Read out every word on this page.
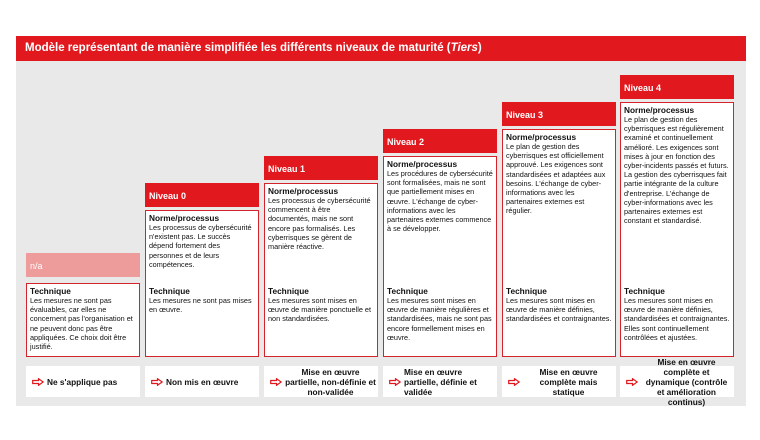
Modèle représentant de manière simplifiée les différents niveaux de maturité (Tiers)
n/a
Technique
Les mesures ne sont pas évaluables, car elles ne concernent pas l'organisation et ne peuvent donc pas être appliquées. Ce choix doit être justifié.
Ne s'applique pas
Niveau 0
Norme/processus
Les processus de cybersécurité n'existent pas. Le succès dépend fortement des personnes et de leurs compétences.
Technique
Les mesures ne sont pas mises en œuvre.
Non mis en œuvre
Niveau 1
Norme/processus
Les processus de cybersécurité commencent à être documentés, mais ne sont encore pas formalisés. Les cyberrisques se gèrent de manière réactive.
Technique
Les mesures sont mises en œuvre de manière ponctuelle et non standardisées.
Mise en œuvre partielle, non-définie et non-validée
Niveau 2
Norme/processus
Les procédures de cybersécurité sont formalisées, mais ne sont que partiellement mises en œuvre. L'échange de cyber-informations avec les partenaires externes commence à se développer.
Technique
Les mesures sont mises en œuvre de manière régulières et standardisées, mais ne sont pas encore formellement mises en œuvre.
Mise en œuvre partielle, définie et validée
Niveau 3
Norme/processus
Le plan de gestion des cyberrisques est officiellement approuvé. Les exigences sont standardisées et adaptées aux besoins. L'échange de cyber-informations avec les partenaires externes est régulier.
Technique
Les mesures sont mises en œuvre de manière définies, standardisées et contraignantes.
Mise en œuvre complète mais statique
Niveau 4
Norme/processus
Le plan de gestion des cyberrisques est régulièrement examiné et continuellement amélioré. Les exigences sont mises à jour en fonction des cyber-incidents passés et futurs. La gestion des cyberrisques fait partie intégrante de la culture d'entreprise. L'échange de cyber-informations avec les partenaires externes est constant et standardisé.
Technique
Les mesures sont mises en œuvre de manière définies, standardisées et contraignantes. Elles sont continuellement contrôlées et ajustées.
Mise en œuvre complète et dynamique (contrôle et amélioration continus)
